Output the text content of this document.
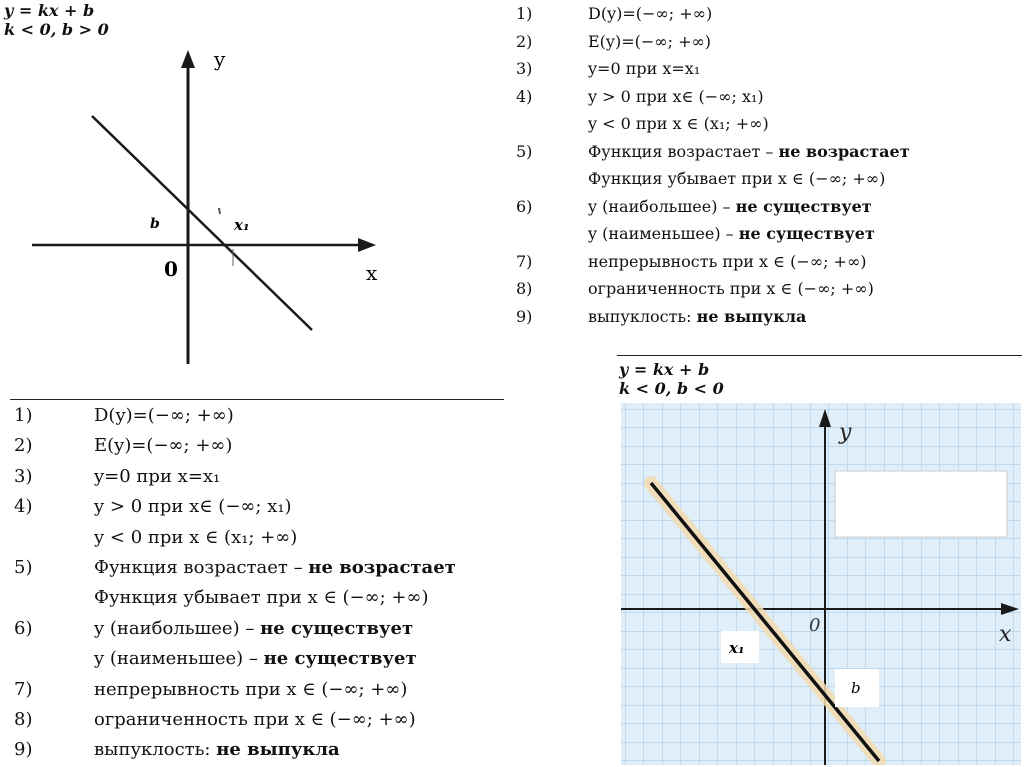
y = kx + b
k < 0, b > 0
y
x
0
b	x₁
1)	D(y)=(−∞; +∞)
2)	E(y)=(−∞; +∞)
3)	y=0 при x=x₁
4)	y > 0 при x∈ (−∞; x₁)
y < 0 при x ∈ (x₁; +∞)
5)	Функция возрастает – не возрастает
Функция убывает при x ∈ (−∞; +∞)
6)	y (наибольшее) – не существует
y (наименьшее) – не существует
7)	непрерывность при x ∈ (−∞; +∞)
8)	ограниченность при x ∈ (−∞; +∞)
9)	выпуклость: не выпукла
1)	D(y)=(−∞; +∞)
2)	E(y)=(−∞; +∞)
3)	y=0 при x=x₁
4)	y > 0 при x∈ (−∞; x₁)
y < 0 при x ∈ (x₁; +∞)
5)	Функция возрастает – не возрастает
Функция убывает при x ∈ (−∞; +∞)
6)	y (наибольшее) – не существует
y (наименьшее) – не существует
7)	непрерывность при x ∈ (−∞; +∞)
8)	ограниченность при x ∈ (−∞; +∞)
9)	выпуклость: не выпукла
y = kx + b
k < 0, b < 0
y
x
0
x₁
b
